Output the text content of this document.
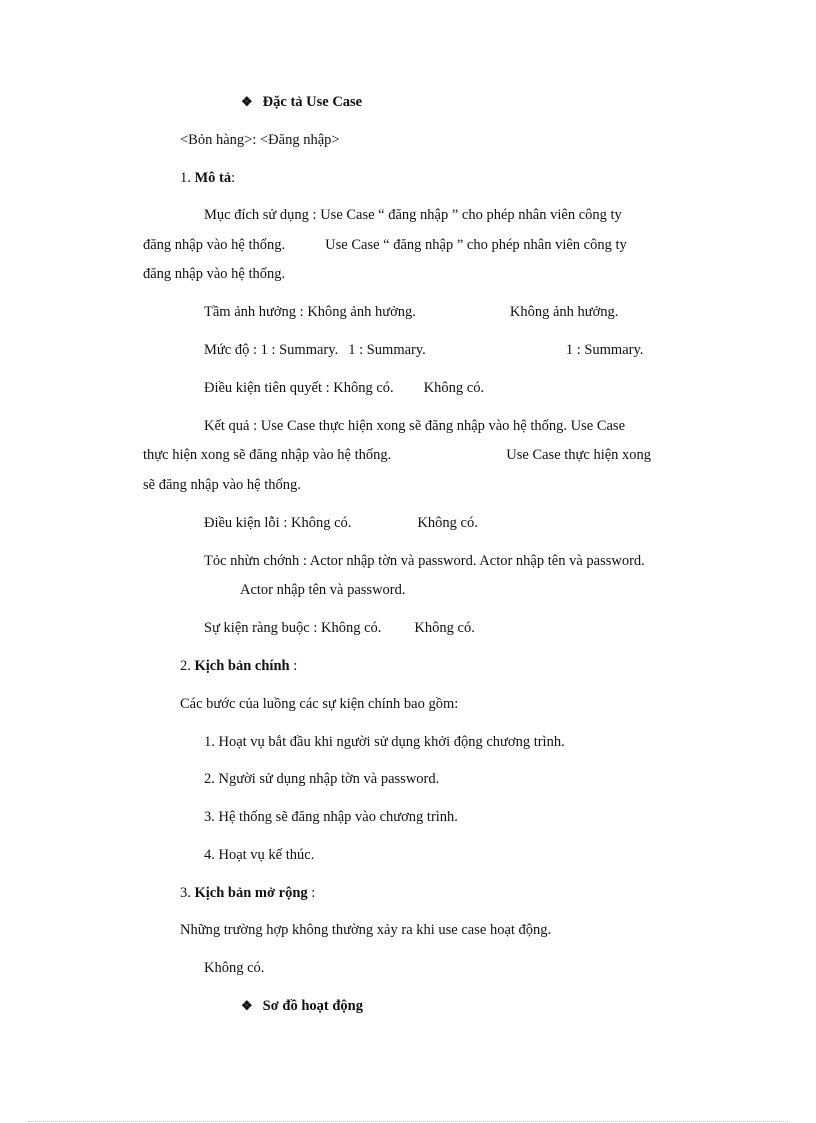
❖ Đặc tả Use Case
<Bỏn hàng>: <Đăng nhập>
1. Mô tả:
Mục đích sử dụng : Use Case “ đăng nhập ” cho phép nhân viên công ty
đăng nhập vào hệ thống.	Use Case “ đăng nhập ” cho phép nhân viên công ty
đăng nhập vào hệ thống.
Tầm ảnh hưởng : Không ảnh hưởng.	Không ảnh hưởng.
Mức độ : 1 : Summary. 1 : Summary.	1 : Summary.
Điều kiện tiên quyết : Không có. Không có.
Kết quả : Use Case thực hiện xong sẽ đăng nhập vào hệ thống. Use Case
thực hiện xong sẽ đăng nhập vào hệ thống.	Use Case thực hiện xong
sẽ đăng nhập vào hệ thống.
Điều kiện lỗi : Không có.	Không có.
Tỏc nhừn chớnh : Actor nhập tờn và password. Actor nhập tên và password.
Actor nhập tên và password.
Sự kiện ràng buộc : Không có. Không có.
2. Kịch bản chính :
Các bước của luồng các sự kiện chính bao gồm:
1. Hoạt vụ bắt đầu khi người sử dụng khởi động chương trình.
2. Người sử dụng nhập tờn và password.
3. Hệ thống sẽ đăng nhập vào chương trình.
4. Hoạt vụ kế thúc.
3. Kịch bản mở rộng :
Những trường hợp không thường xảy ra khi use case hoạt động.
Không có.
❖ Sơ đồ hoạt động
